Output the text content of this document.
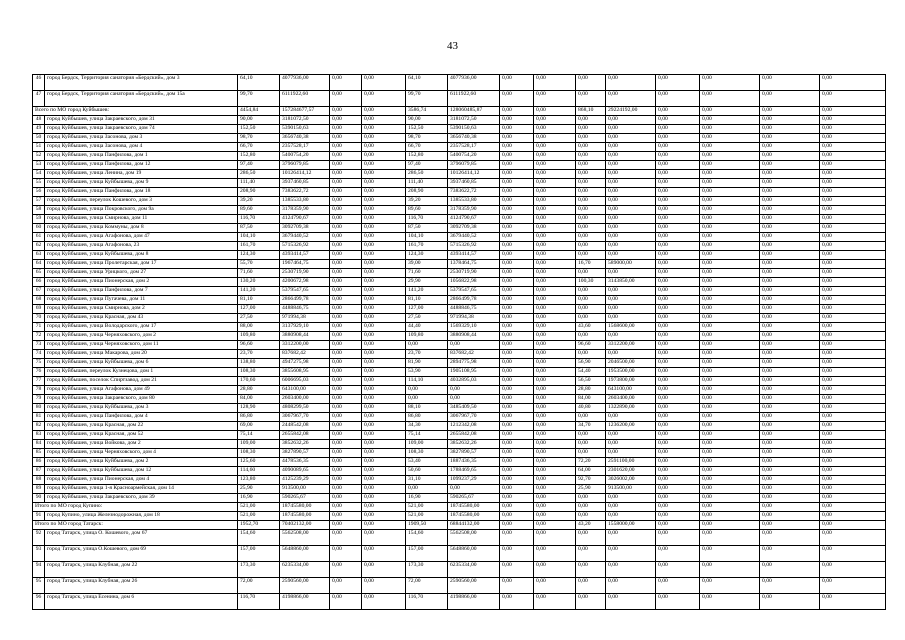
43
46	город Бердск, Территория санатория «Бердский», дом 3	64,10	4077936,00	0,00	0,00	64,10	4077936,00	0,00	0,00	0,00	0,00	0,00	0,00	0,00	0,00
47	город Бердск, Территория санатория «Бердский», дом 15а	99,70	6111922,60	0,00	0,00	99,70	6111922,60	0,00	0,00	0,00	0,00	0,00	0,00	0,00	0,00
Всего по МО город Куйбышев:		4454,84	157284677,57	0,00	0,00	3586,74	128060485,87	0,00	0,00	868,10	29224192,00	0,00	0,00	0,00	0,00
48	город Куйбышев, улица Закраевского, дом 31	90,00	3181072,50	0,00	0,00	90,00	3181072,50	0,00	0,00	0,00	0,00	0,00	0,00	0,00	0,00
49	город Куйбышев, улица Закраевского, дом 74	152,50	5390150,63	0,00	0,00	152,50	5390150,63	0,00	0,00	0,00	0,00	0,00	0,00	0,00	0,00
50	город Куйбышев, улица Засонова, дом 3	98,70	3656740,38	0,00	0,00	98,70	3656740,38	0,00	0,00	0,00	0,00	0,00	0,00	0,00	0,00
51	город Куйбышев, улица Засонова, дом 4	66,70	2357528,17	0,00	0,00	66,70	2357528,17	0,00	0,00	0,00	0,00	0,00	0,00	0,00	0,00
52	город Куйбышев, улица Панфилова, дом 1	152,80	5400754,20	0,00	0,00	152,80	5400754,20	0,00	0,00	0,00	0,00	0,00	0,00	0,00	0,00
53	город Куйбышев, улица Панфилова, дом 12	97,40	3796079,85	0,00	0,00	97,40	3796079,85	0,00	0,00	0,00	0,00	0,00	0,00	0,00	0,00
54	город Куйбышев, улица Ленина, дом 19	286,50	10126414,12	0,00	0,00	286,50	10126414,12	0,00	0,00	0,00	0,00	0,00	0,00	0,00	0,00
55	город Куйбышев, улица Куйбышева, дом 9	111,40	3937460,85	0,00	0,00	111,40	3937460,85	0,00	0,00	0,00	0,00	0,00	0,00	0,00	0,00
56	город Куйбышев, улица Панфилова, дом 18	208,90	7383622,72	0,00	0,00	208,90	7383622,72	0,00	0,00	0,00	0,00	0,00	0,00	0,00	0,00
57	город Куйбышев, переулок Кошевого, дом 3	39,20	1385533,80	0,00	0,00	39,20	1385533,80	0,00	0,00	0,00	0,00	0,00	0,00	0,00	0,00
58	город Куйбышев, улица Покровского, дом 9а	89,60	3178359,90	0,00	0,00	89,60	3178359,90	0,00	0,00	0,00	0,00	0,00	0,00	0,00	0,00
59	город Куйбышев, улица Смирнова, дом 11	116,70	4124790,67	0,00	0,00	116,70	4124790,67	0,00	0,00	0,00	0,00	0,00	0,00	0,00	0,00
60	город Куйбышев, улица Коммуны, дом 8	87,50	3092709,38	0,00	0,00	87,50	3092709,38	0,00	0,00	0,00	0,00	0,00	0,00	0,00	0,00
61	город Куйбышев, улица Агафонова, дом 47	104,10	3679440,52	0,00	0,00	104,10	3679440,52	0,00	0,00	0,00	0,00	0,00	0,00	0,00	0,00
62	город Куйбышев, улица Агафонова, 23	161,70	5715326,92	0,00	0,00	161,70	5715326,92	0,00	0,00	0,00	0,00	0,00	0,00	0,00	0,00
63	город Куйбышев, улица Куйбышева, дом 8	124,30	4393414,57	0,00	0,00	124,30	4393414,57	0,00	0,00	0,00	0,00	0,00	0,00	0,00	0,00
64	город Куйбышев, улица Пролетарская, дом 17	55,70	1967464,75	0,00	0,00	39,00	1378464,75	0,00	0,00	16,70	589000,00	0,00	0,00	0,00	0,00
65	город Куйбышев, улица Урицкого, дом 27	71,60	2530719,90	0,00	0,00	71,60	2530719,90	0,00	0,00	0,00	0,00	0,00	0,00	0,00	0,00
66	город Куйбышев, улица Пионерская, дом 2	130,20	4200672,98	0,00	0,00	29,90	1056822,98	0,00	0,00	100,30	3143850,00	0,00	0,00	0,00	0,00
67	город Куйбышев, улица Панфилова, дом 7	141,20	5379547,65	0,00	0,00	141,20	5379547,65	0,00	0,00	0,00	0,00	0,00	0,00	0,00	0,00
68	город Куйбышев, улица Пугачева, дом 11	81,10	2866499,78	0,00	0,00	81,10	2866499,78	0,00	0,00	0,00	0,00	0,00	0,00	0,00	0,00
69	город Куйбышев, улица Смирнова, дом 2	127,00	4488846,75	0,00	0,00	127,00	4488846,75	0,00	0,00	0,00	0,00	0,00	0,00	0,00	0,00
70	город Куйбышев, улица Красная, дом 43	27,50	971994,38	0,00	0,00	27,50	971994,38	0,00	0,00	0,00	0,00	0,00	0,00	0,00	0,00
71	город Куйбышев, улица Володарского, дом 17	88,00	3137929,10	0,00	0,00	44,40	1569329,10	0,00	0,00	43,60	1568600,00	0,00	0,00	0,00	0,00
72	город Куйбышев, улица Черняховского, дом 2	109,80	3880908,44	0,00	0,00	109,80	3880908,44	0,00	0,00	0,00	0,00	0,00	0,00	0,00	0,00
73	город Куйбышев, улица Черняховского, дом 11	96,60	3312200,00	0,00	0,00	0,00	0,00	0,00	0,00	96,60	3312200,00	0,00	0,00	0,00	0,00
74	город Куйбышев, улица Макарова, дом 20	23,70	837682,42	0,00	0,00	23,70	837682,42	0,00	0,00	0,00	0,00	0,00	0,00	0,00	0,00
75	город Куйбышев, улица Куйбышева, дом 6	138,80	4947275,98	0,00	0,00	81,90	2894775,98	0,00	0,00	56,90	2046500,00	0,00	0,00	0,00	0,00
76	город Куйбышев, переулок Кузнецова, дом 1	108,30	3855608,95	0,00	0,00	53,90	1905108,95	0,00	0,00	54,40	1953500,00	0,00	0,00	0,00	0,00
77	город Куйбышев, поселок Спиртзавод, дом 21	170,60	6006695,03	0,00	0,00	114,10	4032895,03	0,00	0,00	56,50	1973800,00	0,00	0,00	0,00	0,00
78	город Куйбышев, улица Агафонова, дом 49	28,80	643100,00	0,00	0,00	0,00	0,00	0,00	0,00	28,80	643100,00	0,00	0,00	0,00	0,00
79	город Куйбышев, улица Закраевского, дом 80	84,00	2603400,00	0,00	0,00	0,00	0,00	0,00	0,00	84,00	2603400,00	0,00	0,00	0,00	0,00
80	город Куйбышев, улица Куйбышева, дом 3	128,90	4808299,50	0,00	0,00	88,10	3485409,50	0,00	0,00	40,80	1322890,00	0,00	0,00	0,00	0,00
81	город Куйбышев, улица Панфилова, дом 4	86,80	3067967,70	0,00	0,00	86,80	3067967,70	0,00	0,00	0,00	0,00	0,00	0,00	0,00	0,00
82	город Куйбышев, улица Красная, дом 22	69,00	2448542,08	0,00	0,00	34,30	1212342,08	0,00	0,00	34,70	1236200,00	0,00	0,00	0,00	0,00
83	город Куйбышев, улица Красная, дом 52	75,14	2655842,08	0,00	0,00	75,14	2655842,08	0,00	0,00	0,00	0,00	0,00	0,00	0,00	0,00
84	город Куйбышев, улица Войкова, дом 2	109,00	3852632,26	0,00	0,00	109,00	3852632,26	0,00	0,00	0,00	0,00	0,00	0,00	0,00	0,00
85	город Куйбышев, улица Черняховского, дом 4	108,30	3827890,57	0,00	0,00	108,30	3827890,57	0,00	0,00	0,00	0,00	0,00	0,00	0,00	0,00
86	город Куйбышев, улица Куйбышева, дом 2	125,60	4478536,35	0,00	0,00	53,40	1887436,35	0,00	0,00	72,20	2591100,00	0,00	0,00	0,00	0,00
87	город Куйбышев, улица Куйбышева, дом 12	114,60	4090089,65	0,00	0,00	50,60	1788469,65	0,00	0,00	64,00	2301620,00	0,00	0,00	0,00	0,00
88	город Куйбышев, улица Пионерская, дом 4	123,80	4125239,29	0,00	0,00	31,10	1099237,29	0,00	0,00	92,70	3026002,00	0,00	0,00	0,00	0,00
89	город Куйбышев, улица 1-я Красноармейская, дом 14	25,90	913500,00	0,00	0,00	0,00	0,00	0,00	0,00	25,90	913500,00	0,00	0,00	0,00	0,00
90	город Куйбышев, улица Закраевского, дом 39	16,90	590265,67	0,00	0,00	16,90	590265,67	0,00	0,00	0,00	0,00	0,00	0,00	0,00	0,00
Итого по МО город Купино:		521,00	18745580,00	0,00	0,00	521,00	18745580,00	0,00	0,00	0,00	0,00	0,00	0,00	0,00	0,00
91	город Купино, улица Железнодорожная, дом 18	521,00	18745580,00	0,00	0,00	521,00	18745580,00	0,00	0,00	0,00	0,00	0,00	0,00	0,00	0,00
Итого по МО город Татарск:		1952,70	70402132,00	0,00	0,00	1909,50	68844132,00	0,00	0,00	43,20	1558000,00	0,00	0,00	0,00	0,00
92	город Татарск, улица О. Кошевого, дом 67	154,60	5562508,00	0,00	0,00	154,60	5562508,00	0,00	0,00	0,00	0,00	0,00	0,00	0,00	0,00
93	город Татарск, улица О.Кошевого, дом 69	157,00	5648860,00	0,00	0,00	157,00	5648860,00	0,00	0,00	0,00	0,00	0,00	0,00	0,00	0,00
94	город Татарск, улица Клубная, дом 22	173,30	6235334,00	0,00	0,00	173,30	6235334,00	0,00	0,00	0,00	0,00	0,00	0,00	0,00	0,00
95	город Татарск, улица Клубная, дом 26	72,00	2590560,00	0,00	0,00	72,00	2590560,00	0,00	0,00	0,00	0,00	0,00	0,00	0,00	0,00
96	город Татарск, улица Есенина, дом 6	116,70	4198866,00	0,00	0,00	116,70	4198866,00	0,00	0,00	0,00	0,00	0,00	0,00	0,00	0,00
